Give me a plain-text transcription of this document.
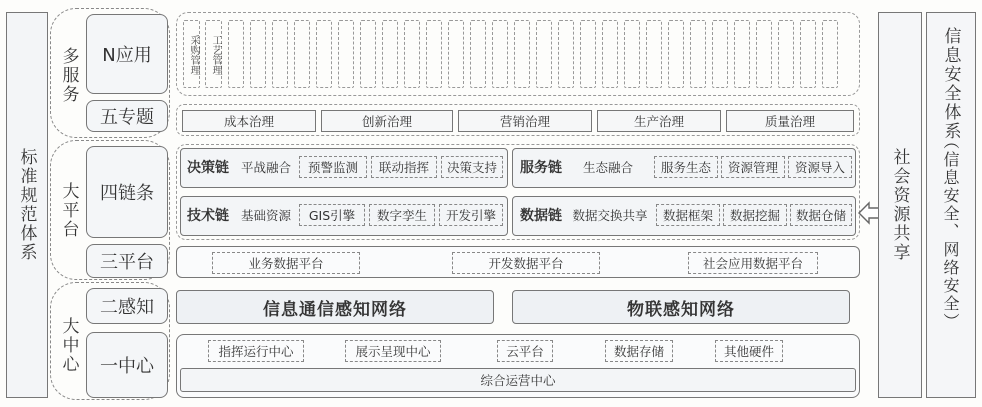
标准规范体系
多服务
大平台
大中心
N应用
五专题
四链条
三平台
二感知
一中心
采购管理 工艺管理
成本治理	创新治理	营销治理	生产治理	质量治理
决策链 平战融合 预警监测 联动指挥 决策支持 服务链 生态融合 服务生态 资源管理 资源导入
技术链 基础资源 GIS引擎 数字孪生 开发引擎 数据链 数据交换共享 数据框架 数据挖掘 数据仓储
业务数据平台	开发数据平台	社会应用数据平台
信息通信感知网络	物联感知网络
指挥运行中心	展示呈现中心	云平台	数据存储	其他硬件
综合运营中心
社会资源共享
信息安全体系
（信息安全、网络安全）
